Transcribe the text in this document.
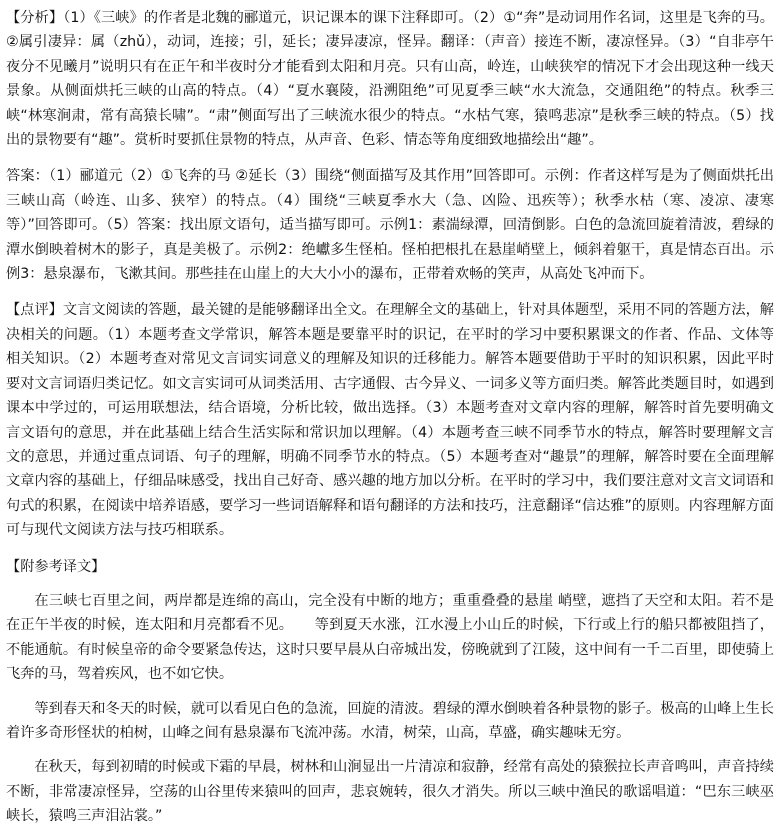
【分析】（1）《三峡》的作者是北魏的郦道元，识记课本的课下注释即可。（2）①“奔”是动词用作名词，这里是飞奔的马。②属引凄异：属（zhǔ），动词，连接；引，延长；凄异凄凉，怪异。翻译：（声音）接连不断，凄凉怪异。（3）“自非亭午夜分不见曦月”说明只有在正午和半夜时分才能看到太阳和月亮。只有山高，岭连，山峡狭窄的情况下才会出现这种一线天景象。从侧面烘托三峡的山高的特点。（4）“夏水襄陵，沿溯阻绝”可见夏季三峡“水大流急，交通阻绝”的特点。秋季三峡“林寒涧肃，常有高猿长啸”。“肃”侧面写出了三峡流水很少的特点。“水枯气寒，猿鸣悲凉”是秋季三峡的特点。（5）找出的景物要有“趣”。赏析时要抓住景物的特点，从声音、色彩、情态等角度细致地描绘出“趣”。

答案：（1）郦道元（2）①飞奔的马 ②延长（3）围绕“侧面描写及其作用”回答即可。示例：作者这样写是为了侧面烘托出三峡山高（岭连、山多、狭窄）的特点。（4）围绕“三峡夏季水大（急、凶险、迅疾等）；秋季水枯（寒、凌凉、凄寒等）”回答即可。（5）答案：找出原文语句，适当描写即可。示例1：素湍绿潭，回清倒影。白色的急流回旋着清波，碧绿的潭水倒映着树木的影子，真是美极了。示例2：绝巘多生怪柏。怪柏把根扎在悬崖峭壁上，倾斜着躯干，真是情态百出。示例3：悬泉瀑布，飞漱其间。那些挂在山崖上的大大小小的瀑布，正带着欢畅的笑声，从高处飞冲而下。

【点评】文言文阅读的答题，最关键的是能够翻译出全文。在理解全文的基础上，针对具体题型，采用不同的答题方法，解决相关的问题。（1）本题考查文学常识，解答本题是要靠平时的识记，在平时的学习中要积累课文的作者、作品、文体等相关知识。（2）本题考查对常见文言词实词意义的理解及知识的迁移能力。解答本题要借助于平时的知识积累，因此平时要对文言词语归类记忆。如文言实词可从词类活用、古字通假、古今异义、一词多义等方面归类。解答此类题目时，如遇到课本中学过的，可运用联想法，结合语境，分析比较，做出选择。（3）本题考查对文章内容的理解，解答时首先要明确文言文语句的意思，并在此基础上结合生活实际和常识加以理解。（4）本题考查三峡不同季节水的特点，解答时要理解文言文的意思，并通过重点词语、句子的理解，明确不同季节水的特点。（5）本题考查对“趣景”的理解，解答时要在全面理解文章内容的基础上，仔细品味感受，找出自己好奇、感兴趣的地方加以分析。在平时的学习中，我们要注意对文言文词语和句式的积累，在阅读中培养语感，要学习一些词语解释和语句翻译的方法和技巧，注意翻译“信达雅”的原则。内容理解方面可与现代文阅读方法与技巧相联系。

【附参考译文】

在三峡七百里之间，两岸都是连绵的高山，完全没有中断的地方；重重叠叠的悬崖 峭壁，遮挡了天空和太阳。若不是在正午半夜的时候，连太阳和月亮都看不见。　　等到夏天水涨，江水漫上小山丘的时候，下行或上行的船只都被阻挡了，不能通航。有时候皇帝的命令要紧急传达，这时只要早晨从白帝城出发，傍晚就到了江陵，这中间有一千二百里，即使骑上飞奔的马，驾着疾风，也不如它快。

等到春天和冬天的时候，就可以看见白色的急流，回旋的清波。碧绿的潭水倒映着各种景物的影子。极高的山峰上生长着许多奇形怪状的柏树，山峰之间有悬泉瀑布飞流冲荡。水清，树荣，山高，草盛，确实趣味无穷。

在秋天，每到初晴的时候或下霜的早晨，树林和山涧显出一片清凉和寂静，经常有高处的猿猴拉长声音鸣叫，声音持续不断，非常凄凉怪异，空荡的山谷里传来猿叫的回声，悲哀婉转，很久才消失。所以三峡中渔民的歌谣唱道：“巴东三峡巫峡长，猿鸣三声泪沾裳。”
